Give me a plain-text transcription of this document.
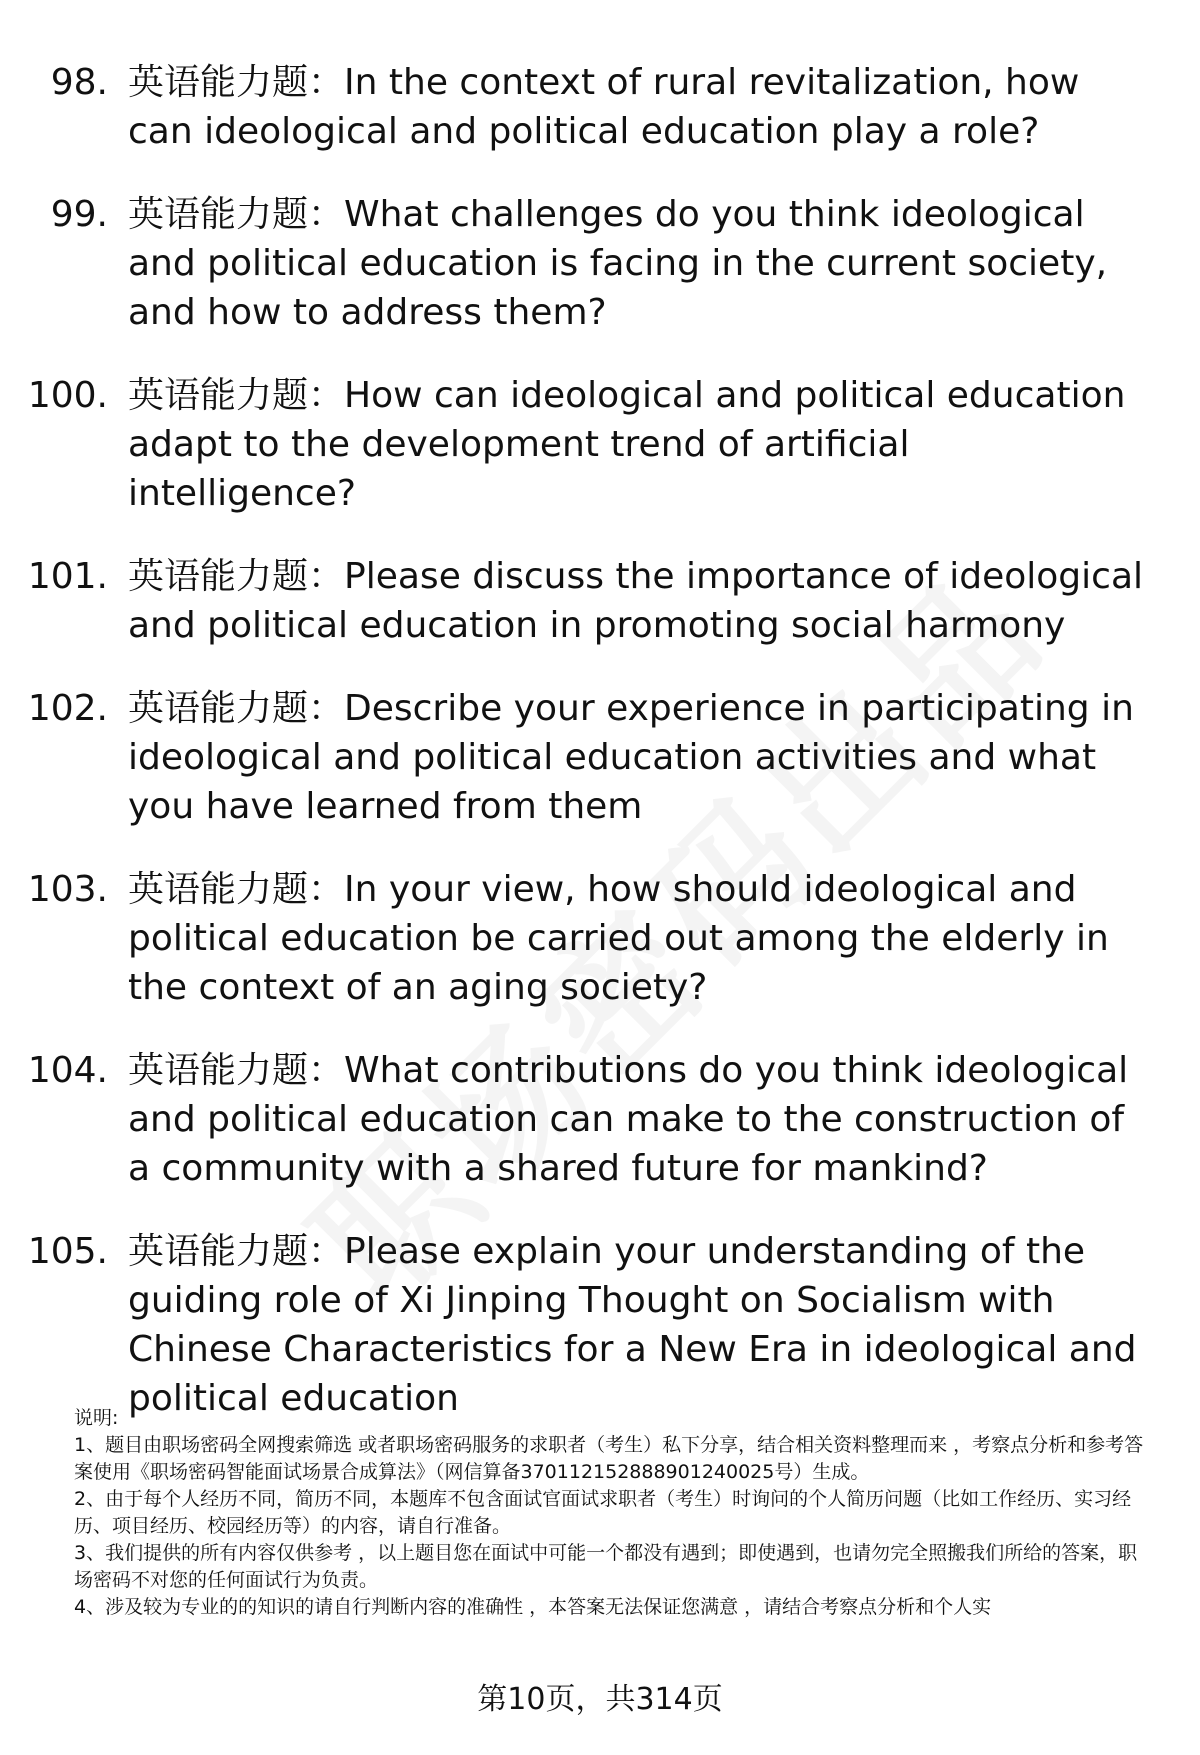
98. 英语能力题：In the context of rural revitalization, how can ideological and political education play a role?
99. 英语能力题：What challenges do you think ideological and political education is facing in the current society, and how to address them?
100. 英语能力题：How can ideological and political education adapt to the development trend of artificial intelligence?
101. 英语能力题：Please discuss the importance of ideological and political education in promoting social harmony
102. 英语能力题：Describe your experience in participating in ideological and political education activities and what you have learned from them
103. 英语能力题：In your view, how should ideological and political education be carried out among the elderly in the context of an aging society?
104. 英语能力题：What contributions do you think ideological and political education can make to the construction of a community with a shared future for mankind?
105. 英语能力题：Please explain your understanding of the guiding role of Xi Jinping Thought on Socialism with Chinese Characteristics for a New Era in ideological and political education

说明:

1、题目由职场密码全网搜索筛选 或者职场密码服务的求职者（考生）私下分享，结合相关资料整理而来 ，考察点分析和参考答案使用《职场密码智能面试场景合成算法》（网信算备370112152888901240025号）生成。

2、由于每个人经历不同，简历不同，本题库不包含面试官面试求职者（考生）时询问的个人简历问题（比如工作经历、实习经历、项目经历、校园经历等）的内容，请自行准备。

3、我们提供的所有内容仅供参考 ，以上题目您在面试中可能一个都没有遇到；即使遇到，也请勿完全照搬我们所给的答案，职场密码不对您的任何面试行为负责。

4、涉及较为专业的的知识的请自行判断内容的准确性 ，本答案无法保证您满意 ，请结合考察点分析和个人实

第10页，共314页
